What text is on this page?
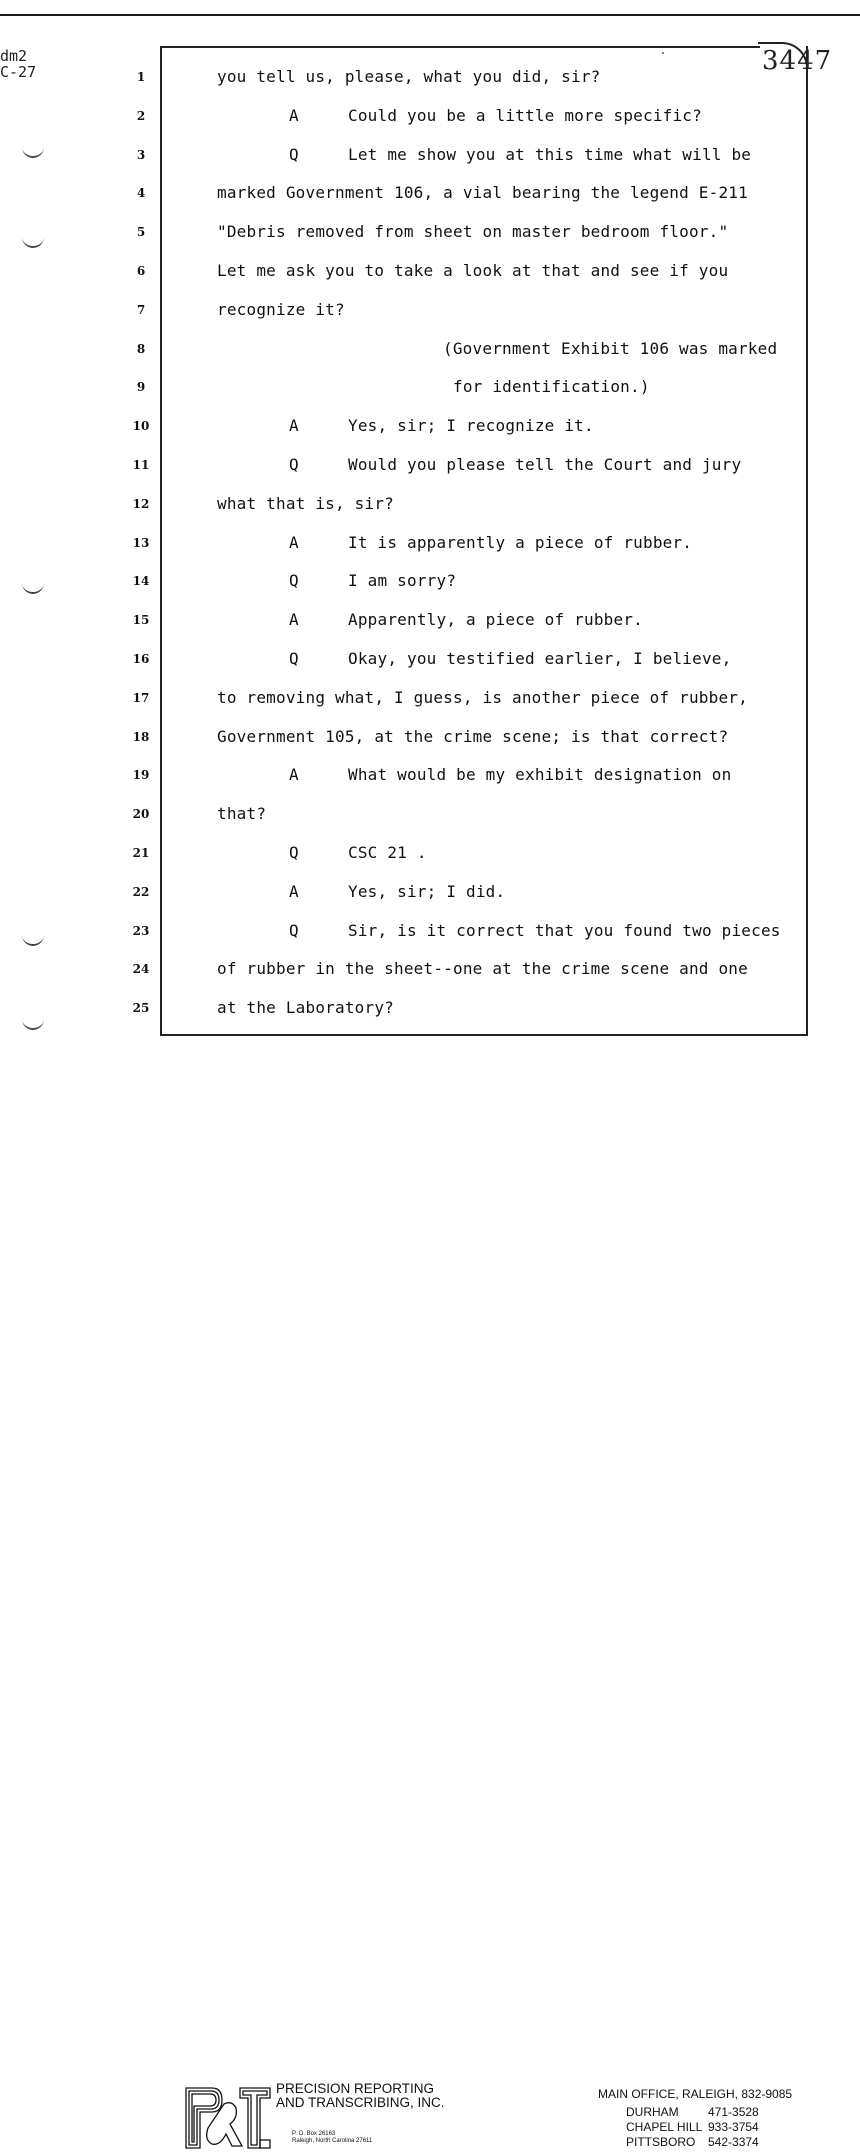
dm2
C-27	3447
1	you tell us, please, what you did, sir?
2	A     Could you be a little more specific?
3	Q     Let me show you at this time what will be
4	marked Government 106, a vial bearing the legend E-211
5	"Debris removed from sheet on master bedroom floor."
6	Let me ask you to take a look at that and see if you
7	recognize it?
8	(Government Exhibit 106 was marked
9	for identification.)
10	A     Yes, sir; I recognize it.
11	Q     Would you please tell the Court and jury
12	what that is, sir?
13	A     It is apparently a piece of rubber.
14	Q     I am sorry?
15	A     Apparently, a piece of rubber.
16	Q     Okay, you testified earlier, I believe,
17	to removing what, I guess, is another piece of rubber,
18	Government 105, at the crime scene; is that correct?
19	A     What would be my exhibit designation on
20	that?
21	Q     CSC 21 .
22	A     Yes, sir; I did.
23	Q     Sir, is it correct that you found two pieces
24	of rubber in the sheet--one at the crime scene and one
25	at the Laboratory?
PRECISION REPORTING
AND TRANSCRIBING, INC.
P. O. Box 26163
Raleigh, North Carolina 27611
MAIN OFFICE, RALEIGH, 832-9085
DURHAM 471-3528
CHAPEL HILL 933-3754
PITTSBORO 542-3374
